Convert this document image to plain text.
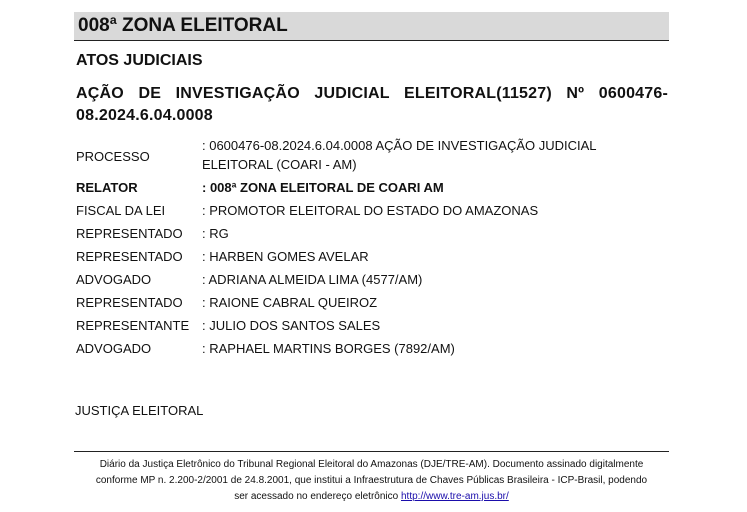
008ª ZONA ELEITORAL
ATOS JUDICIAIS
AÇÃO DE INVESTIGAÇÃO JUDICIAL ELEITORAL(11527) Nº 0600476-
08.2024.6.04.0008
PROCESSO	: 0600476-08.2024.6.04.0008 AÇÃO DE INVESTIGAÇÃO JUDICIAL ELEITORAL (COARI - AM)
RELATOR	: 008ª ZONA ELEITORAL DE COARI AM
FISCAL DA LEI	: PROMOTOR ELEITORAL DO ESTADO DO AMAZONAS
REPRESENTADO	: RG
REPRESENTADO	: HARBEN GOMES AVELAR
ADVOGADO	: ADRIANA ALMEIDA LIMA (4577/AM)
REPRESENTADO	: RAIONE CABRAL QUEIROZ
REPRESENTANTE	: JULIO DOS SANTOS SALES
ADVOGADO	: RAPHAEL MARTINS BORGES (7892/AM)
JUSTIÇA ELEITORAL
Diário da Justiça Eletrônico do Tribunal Regional Eleitoral do Amazonas (DJE/TRE-AM). Documento assinado digitalmente
conforme MP n. 2.200-2/2001 de 24.8.2001, que institui a Infraestrutura de Chaves Públicas Brasileira - ICP-Brasil, podendo
ser acessado no endereço eletrônico http://www.tre-am.jus.br/
